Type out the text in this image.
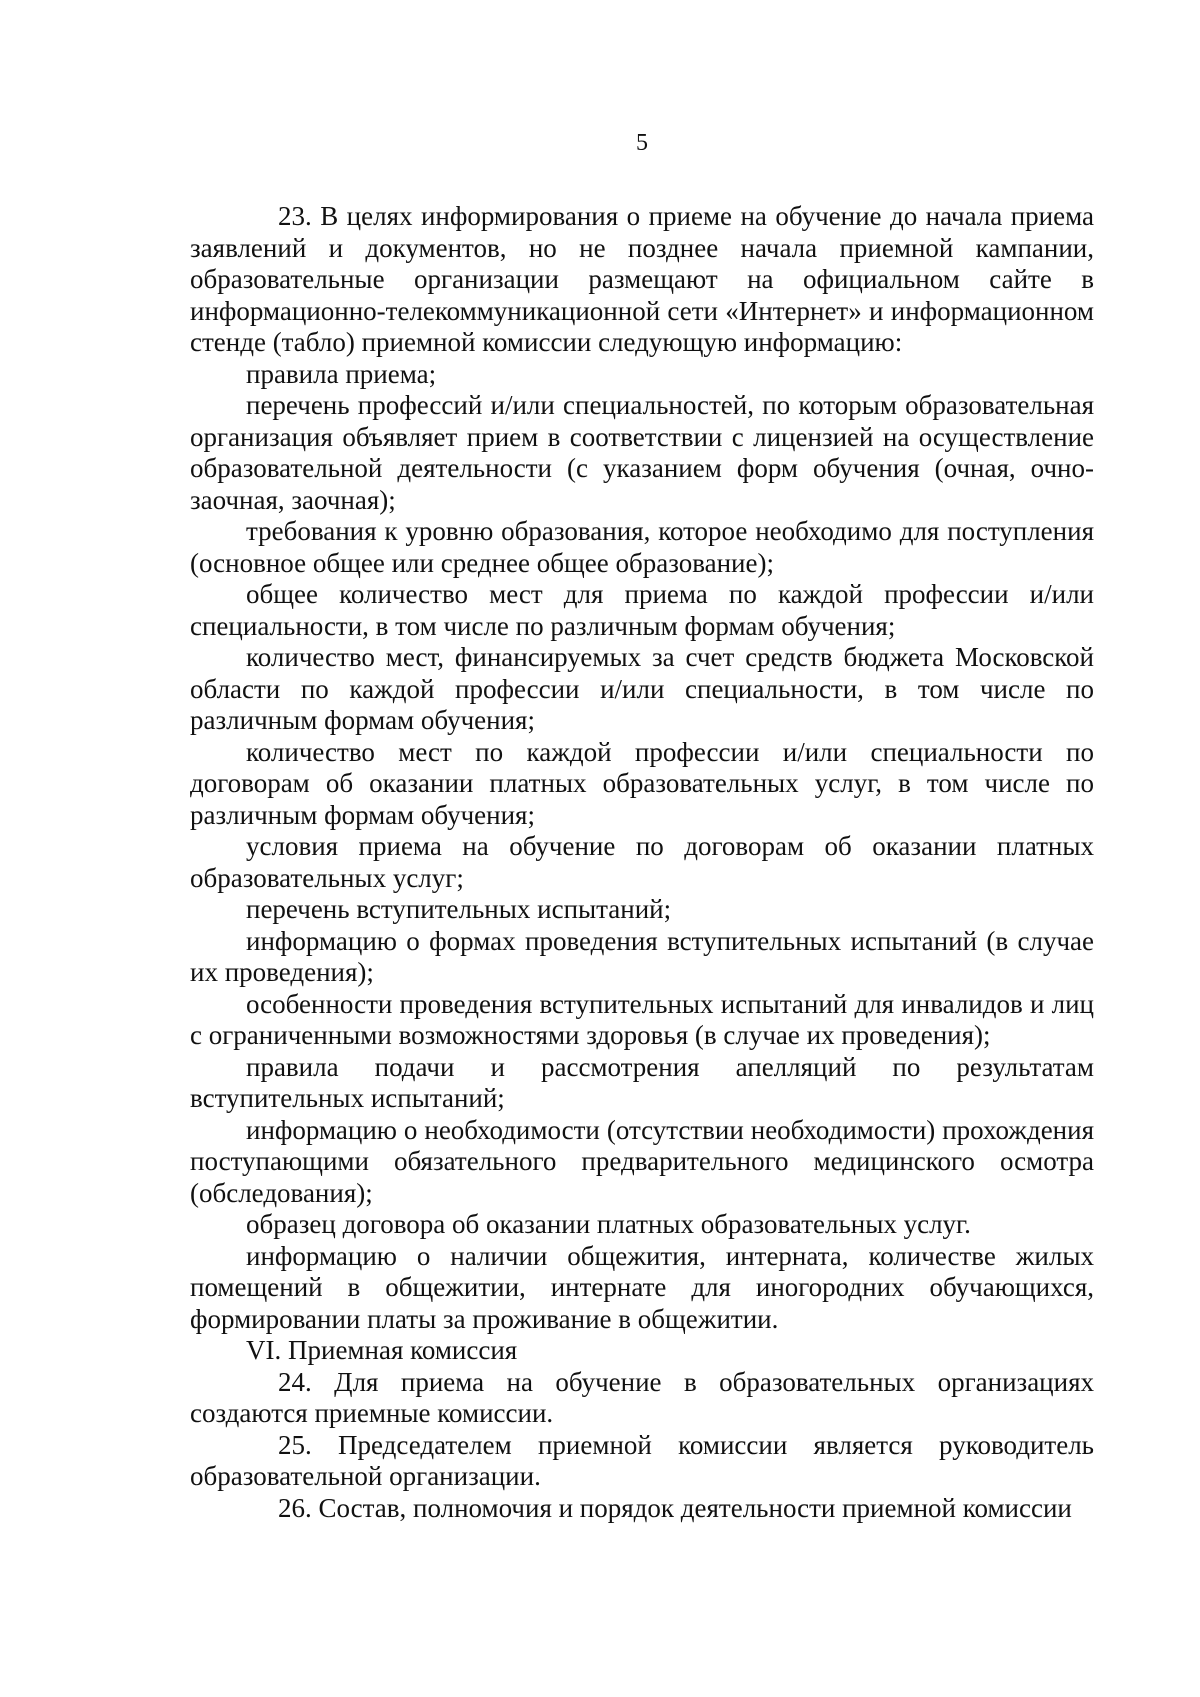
5

23. В целях информирования о приеме на обучение до начала приема заявлений и документов, но не позднее начала приемной кампании, образовательные организации размещают на официальном сайте в информационно-телекоммуникационной сети «Интернет» и информационном стенде (табло) приемной комиссии следующую информацию:

правила приема;

перечень профессий и/или специальностей, по которым образовательная организация объявляет прием в соответствии с лицензией на осуществление образовательной деятельности (с указанием форм обучения (очная, очно-заочная, заочная);

требования к уровню образования, которое необходимо для поступления (основное общее или среднее общее образование);

общее количество мест для приема по каждой профессии и/или специальности, в том числе по различным формам обучения;

количество мест, финансируемых за счет средств бюджета Московской области по каждой профессии и/или специальности, в том числе по различным формам обучения;

количество мест по каждой профессии и/или специальности по договорам об оказании платных образовательных услуг, в том числе по различным формам обучения;

условия приема на обучение по договорам об оказании платных образовательных услуг;

перечень вступительных испытаний;

информацию о формах проведения вступительных испытаний (в случае их проведения);

особенности проведения вступительных испытаний для инвалидов и лиц с ограниченными возможностями здоровья (в случае их проведения);

правила подачи и рассмотрения апелляций по результатам вступительных испытаний;

информацию о необходимости (отсутствии необходимости) прохождения поступающими обязательного предварительного медицинского осмотра (обследования);

образец договора об оказании платных образовательных услуг.

информацию о наличии общежития, интерната, количестве жилых помещений в общежитии, интернате для иногородних обучающихся, формировании платы за проживание в общежитии.

VI. Приемная комиссия

24. Для приема на обучение в образовательных организациях создаются приемные комиссии.

25. Председателем приемной комиссии является руководитель образовательной организации.

26. Состав, полномочия и порядок деятельности приемной комиссии
